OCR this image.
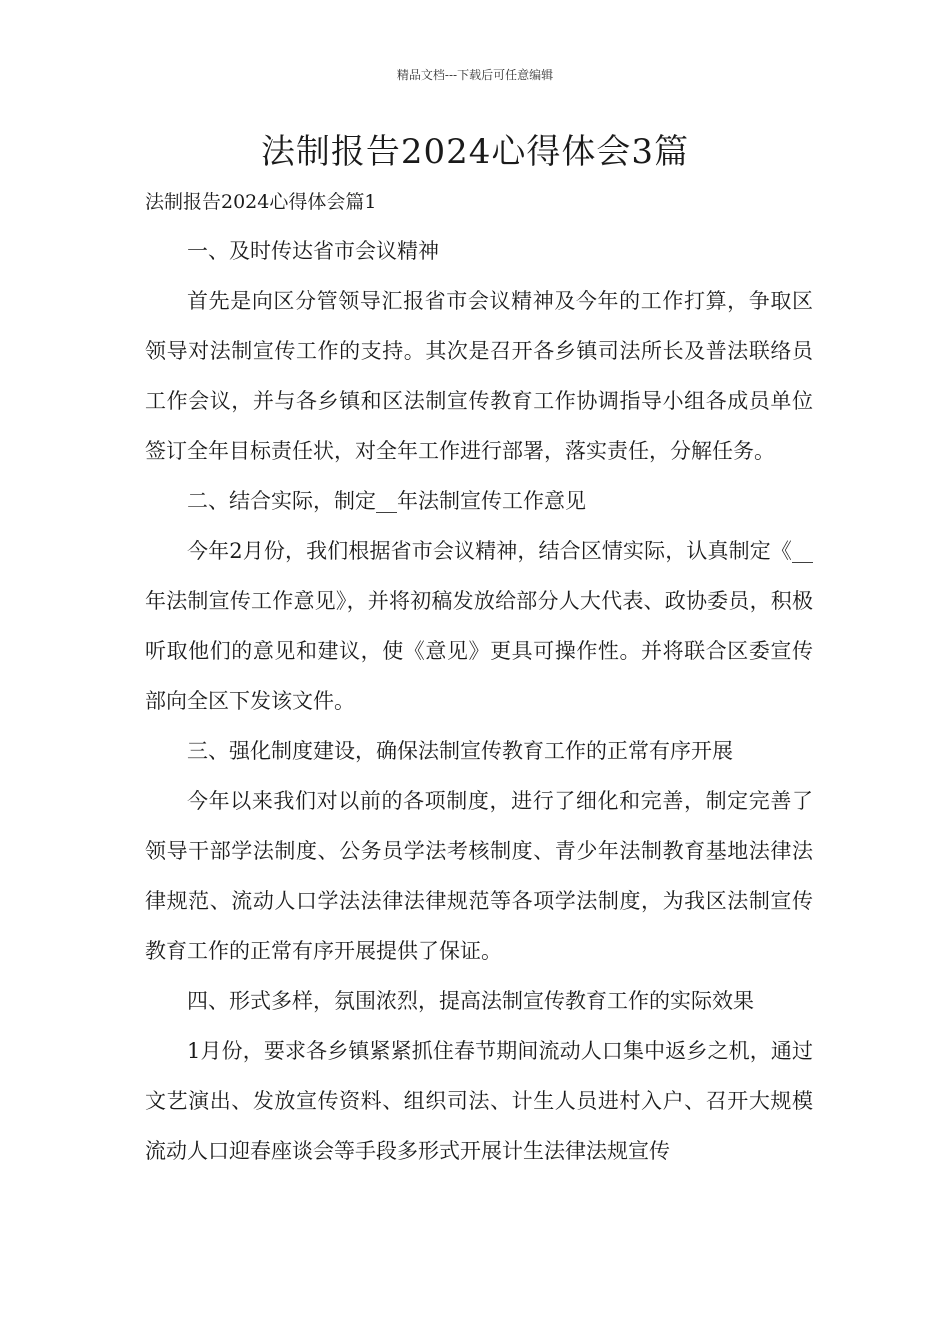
精品文档---下载后可任意编辑
法制报告2024心得体会3篇

法制报告2024心得体会篇1

一、及时传达省市会议精神

首先是向区分管领导汇报省市会议精神及今年的工作打算，争取区领导对法制宣传工作的支持。其次是召开各乡镇司法所长及普法联络员工作会议，并与各乡镇和区法制宣传教育工作协调指导小组各成员单位签订全年目标责任状，对全年工作进行部署，落实责任，分解任务。

二、结合实际，制定__年法制宣传工作意见

今年2月份，我们根据省市会议精神，结合区情实际，认真制定《__年法制宣传工作意见》，并将初稿发放给部分人大代表、政协委员，积极听取他们的意见和建议，使《意见》更具可操作性。并将联合区委宣传部向全区下发该文件。

三、强化制度建设，确保法制宣传教育工作的正常有序开展

今年以来我们对以前的各项制度，进行了细化和完善，制定完善了领导干部学法制度、公务员学法考核制度、青少年法制教育基地法律法律规范、流动人口学法法律法律规范等各项学法制度，为我区法制宣传教育工作的正常有序开展提供了保证。

四、形式多样，氛围浓烈，提高法制宣传教育工作的实际效果

1月份，要求各乡镇紧紧抓住春节期间流动人口集中返乡之机，通过文艺演出、发放宣传资料、组织司法、计生人员进村入户、召开大规模流动人口迎春座谈会等手段多形式开展计生法律法规宣传
